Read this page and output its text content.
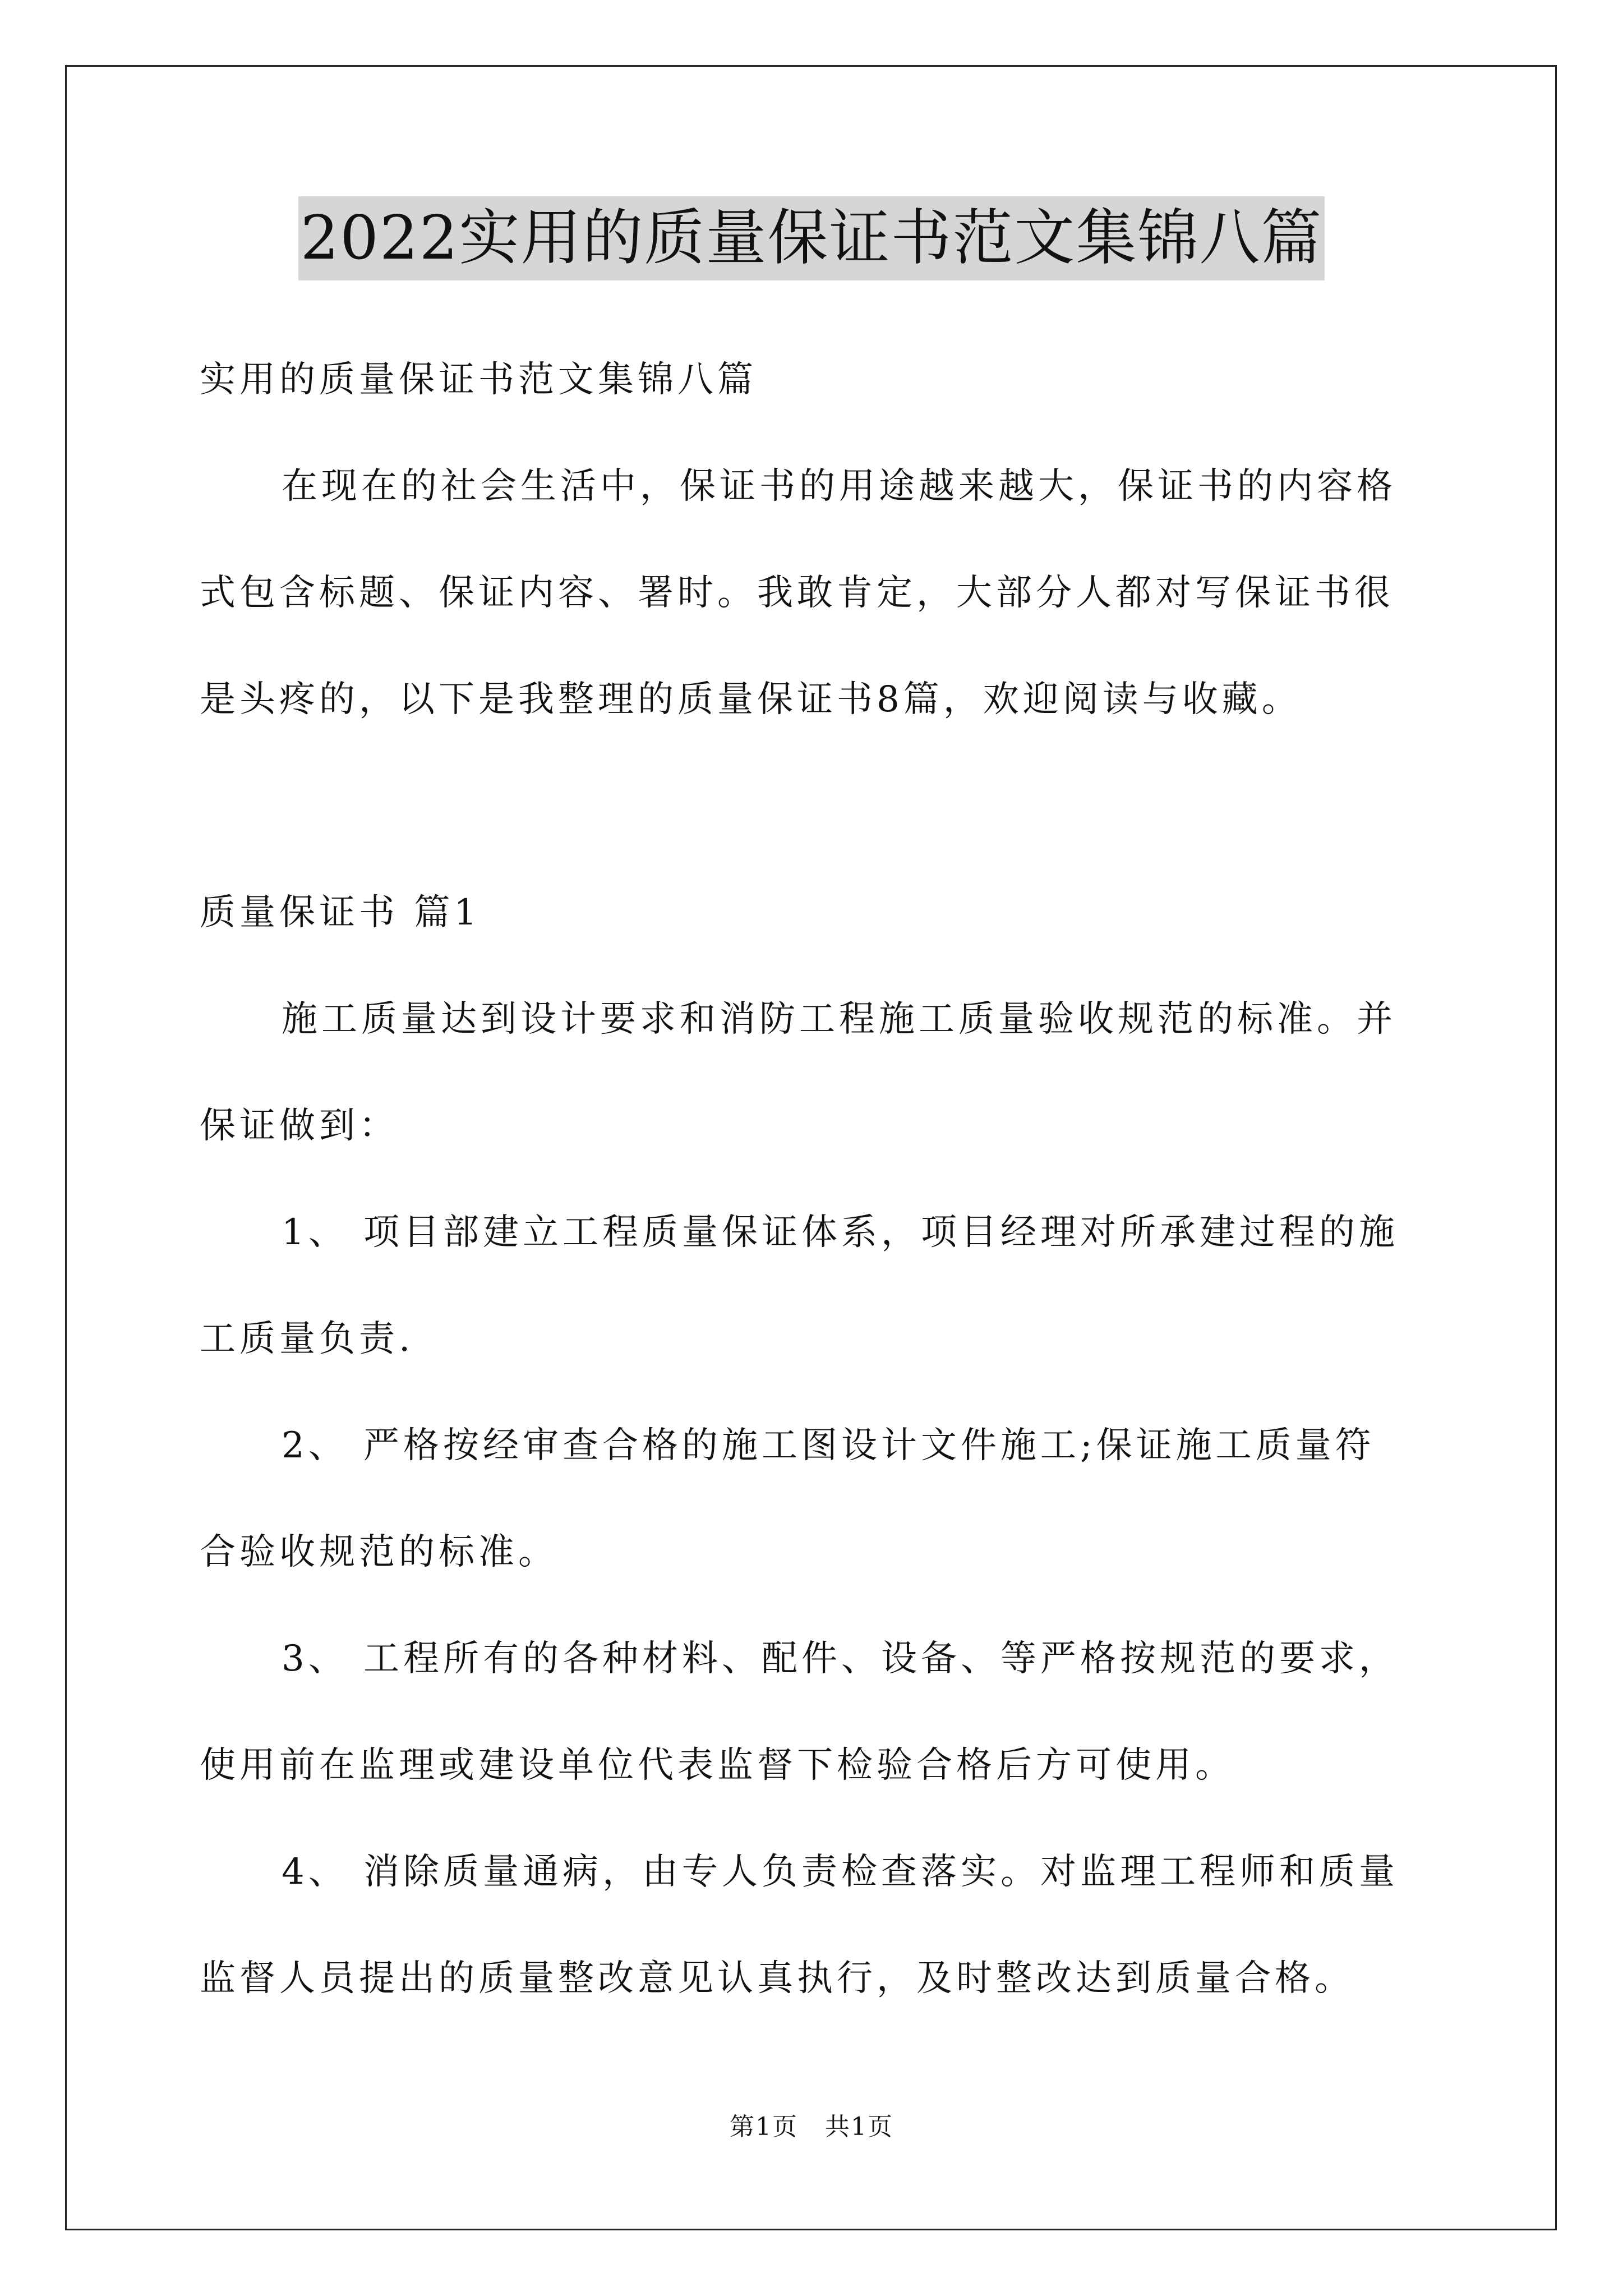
2022实用的质量保证书范文集锦八篇
实用的质量保证书范文集锦八篇
在现在的社会生活中，保证书的用途越来越大，保证书的内容格
式包含标题、保证内容、署时。我敢肯定，大部分人都对写保证书很
是头疼的，以下是我整理的质量保证书8篇，欢迎阅读与收藏。
质量保证书 篇1
施工质量达到设计要求和消防工程施工质量验收规范的标准。并
保证做到：
1、 项目部建立工程质量保证体系，项目经理对所承建过程的施
工质量负责.
2、 严格按经审查合格的施工图设计文件施工;保证施工质量符
合验收规范的标准。
3、 工程所有的各种材料、配件、设备、等严格按规范的要求，
使用前在监理或建设单位代表监督下检验合格后方可使用。
4、 消除质量通病，由专人负责检查落实。对监理工程师和质量
监督人员提出的质量整改意见认真执行，及时整改达到质量合格。
第1页 共1页
